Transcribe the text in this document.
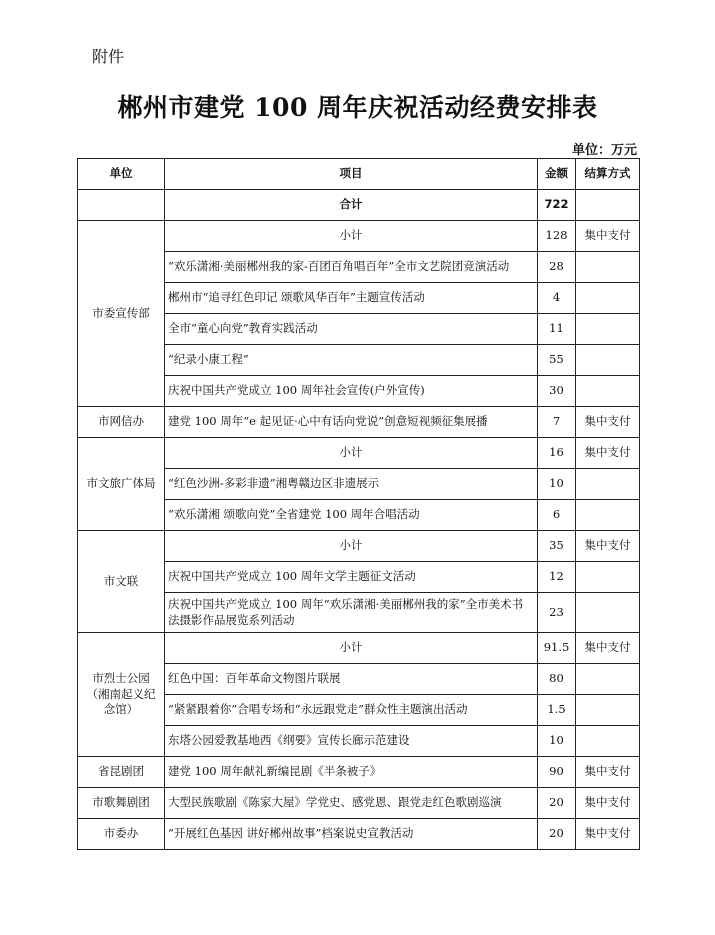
附件
郴州市建党 100 周年庆祝活动经费安排表
单位：万元
单位	项目	金额	结算方式
	合计	722	
市委宣传部	小计	128	集中支付
	“欢乐潇湘·美丽郴州我的家-百团百角唱百年”全市文艺院团竞演活动	28	
	郴州市“追寻红色印记 颂歌风华百年”主题宣传活动	4	
	全市“童心向党”教育实践活动	11	
	“纪录小康工程”	55	
	庆祝中国共产党成立 100 周年社会宣传(户外宣传)	30	
市网信办	建党 100 周年“e 起见证·心中有话向党说”创意短视频征集展播	7	集中支付
市文旅广体局	小计	16	集中支付
	“红色沙洲-多彩非遗”湘粤赣边区非遗展示	10	
	“欢乐潇湘 颂歌向党”全省建党 100 周年合唱活动	6	
市文联	小计	35	集中支付
	庆祝中国共产党成立 100 周年文学主题征文活动	12	
	庆祝中国共产党成立 100 周年“欢乐潇湘·美丽郴州我的家”全市美术书法摄影作品展览系列活动	23	
市烈士公园（湘南起义纪念馆）	小计	91.5	集中支付
	红色中国：百年革命文物图片联展	80	
	“紧紧跟着你”合唱专场和“永远跟党走”群众性主题演出活动	1.5	
	东塔公园爱教基地西《纲要》宣传长廊示范建设	10	
省昆剧团	建党 100 周年献礼新编昆剧《半条被子》	90	集中支付
市歌舞剧团	大型民族歌剧《陈家大屋》学党史、感党恩、跟党走红色歌剧巡演	20	集中支付
市委办	“开展红色基因 讲好郴州故事”档案说史宣教活动	20	集中支付
